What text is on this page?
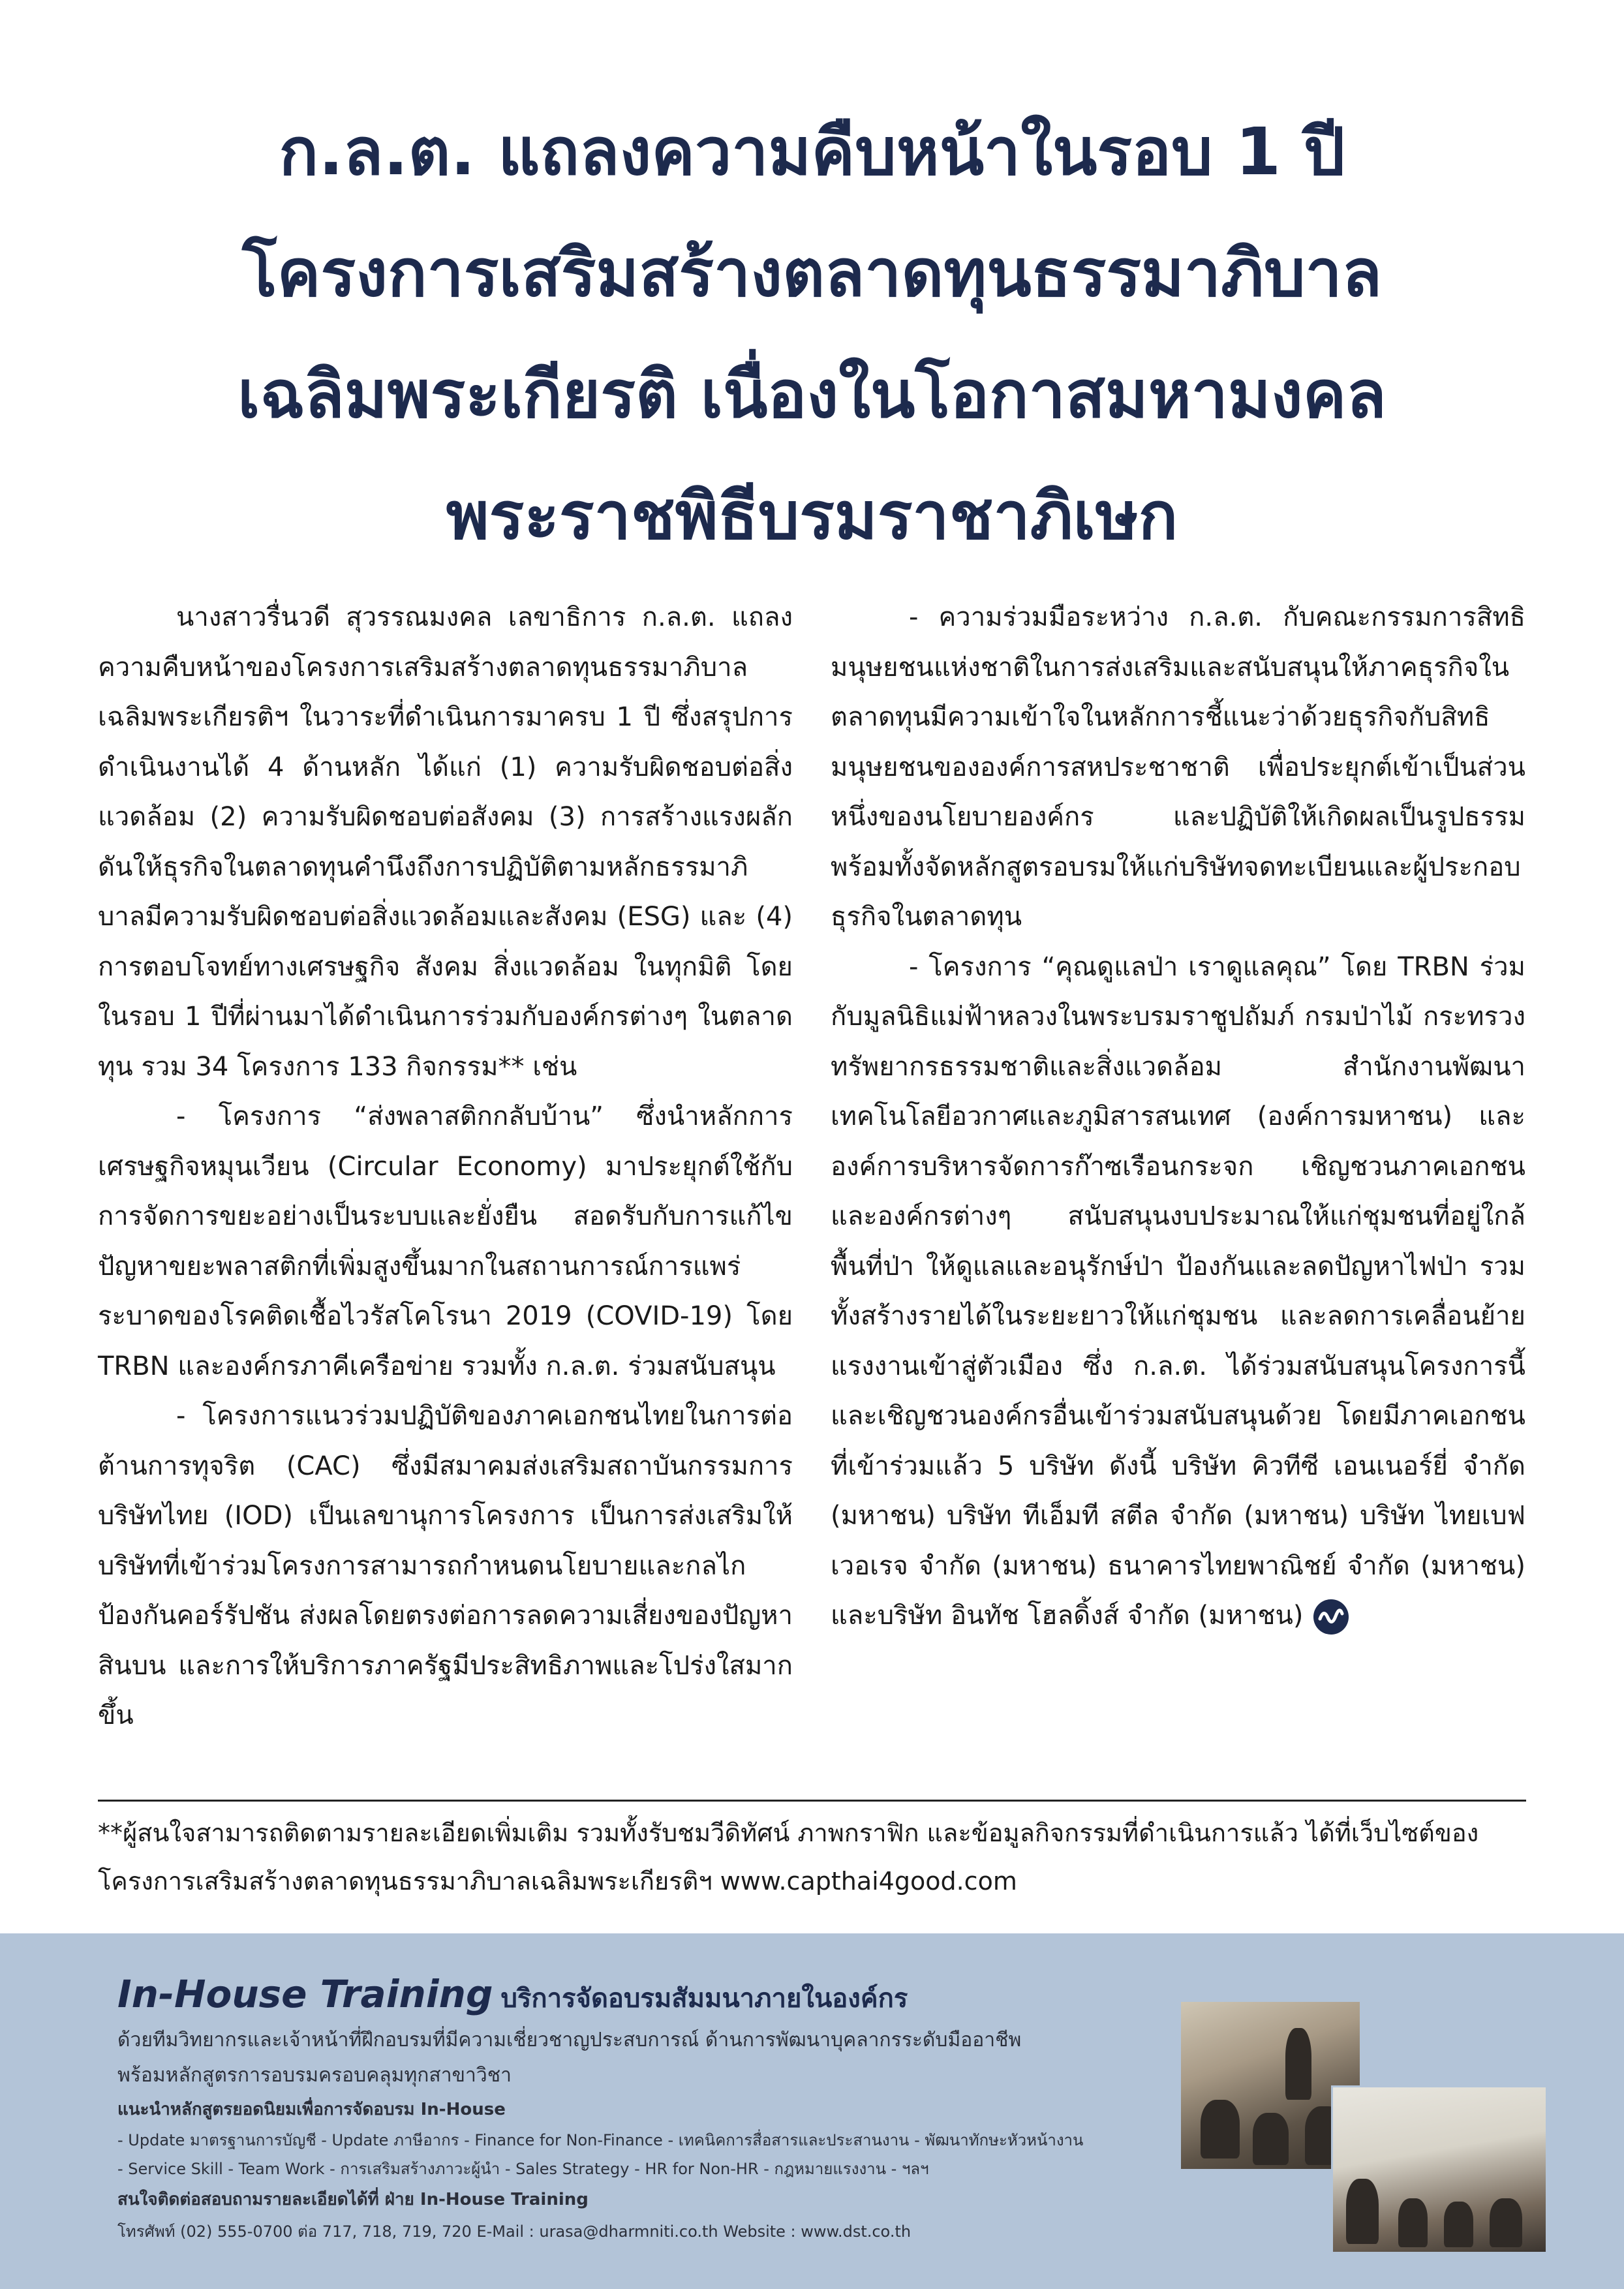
ก.ล.ต. แถลงความคืบหน้าในรอบ 1 ปี
โครงการเสริมสร้างตลาดทุนธรรมาภิบาล
เฉลิมพระเกียรติ เนื่องในโอกาสมหามงคล
พระราชพิธีบรมราชาภิเษก

นางสาวรื่นวดี สุวรรณมงคล เลขาธิการ ก.ล.ต. แถลงความคืบหน้าของโครงการเสริมสร้างตลาดทุนธรรมาภิบาลเฉลิมพระเกียรติฯ ในวาระที่ดำเนินการมาครบ 1 ปี ซึ่งสรุปการดำเนินงานได้ 4 ด้านหลัก ได้แก่ (1) ความรับผิดชอบต่อสิ่งแวดล้อม (2) ความรับผิดชอบต่อสังคม (3) การสร้างแรงผลักดันให้ธุรกิจในตลาดทุนคำนึงถึงการปฏิบัติตามหลักธรรมาภิบาลมีความรับผิดชอบต่อสิ่งแวดล้อมและสังคม (ESG) และ (4) การตอบโจทย์ทางเศรษฐกิจ สังคม สิ่งแวดล้อม ในทุกมิติ โดยในรอบ 1 ปีที่ผ่านมาได้ดำเนินการร่วมกับองค์กรต่างๆ ในตลาดทุน รวม 34 โครงการ 133 กิจกรรม** เช่น

- โครงการ “ส่งพลาสติกกลับบ้าน” ซึ่งนำหลักการเศรษฐกิจหมุนเวียน (Circular Economy) มาประยุกต์ใช้กับการจัดการขยะอย่างเป็นระบบและยั่งยืน สอดรับกับการแก้ไขปัญหาขยะพลาสติกที่เพิ่มสูงขึ้นมากในสถานการณ์การแพร่ระบาดของโรคติดเชื้อไวรัสโคโรนา 2019 (COVID-19) โดย TRBN และองค์กรภาคีเครือข่าย รวมทั้ง ก.ล.ต. ร่วมสนับสนุน

- โครงการแนวร่วมปฏิบัติของภาคเอกชนไทยในการต่อต้านการทุจริต (CAC) ซึ่งมีสมาคมส่งเสริมสถาบันกรรมการบริษัทไทย (IOD) เป็นเลขานุการโครงการ เป็นการส่งเสริมให้บริษัทที่เข้าร่วมโครงการสามารถกำหนดนโยบายและกลไกป้องกันคอร์รัปชัน ส่งผลโดยตรงต่อการลดความเสี่ยงของปัญหาสินบน และการให้บริการภาครัฐมีประสิทธิภาพและโปร่งใสมากขึ้น

- ความร่วมมือระหว่าง ก.ล.ต. กับคณะกรรมการสิทธิมนุษยชนแห่งชาติในการส่งเสริมและสนับสนุนให้ภาคธุรกิจในตลาดทุนมีความเข้าใจในหลักการชี้แนะว่าด้วยธุรกิจกับสิทธิมนุษยชนขององค์การสหประชาชาติ เพื่อประยุกต์เข้าเป็นส่วนหนึ่งของนโยบายองค์กร และปฏิบัติให้เกิดผลเป็นรูปธรรม พร้อมทั้งจัดหลักสูตรอบรมให้แก่บริษัทจดทะเบียนและผู้ประกอบธุรกิจในตลาดทุน

- โครงการ “คุณดูแลป่า เราดูแลคุณ” โดย TRBN ร่วมกับมูลนิธิแม่ฟ้าหลวงในพระบรมราชูปถัมภ์ กรมป่าไม้ กระทรวงทรัพยากรธรรมชาติและสิ่งแวดล้อม สำนักงานพัฒนาเทคโนโลยีอวกาศและภูมิสารสนเทศ (องค์การมหาชน) และองค์การบริหารจัดการก๊าซเรือนกระจก เชิญชวนภาคเอกชนและองค์กรต่างๆ สนับสนุนงบประมาณให้แก่ชุมชนที่อยู่ใกล้พื้นที่ป่า ให้ดูแลและอนุรักษ์ป่า ป้องกันและลดปัญหาไฟป่า รวมทั้งสร้างรายได้ในระยะยาวให้แก่ชุมชน และลดการเคลื่อนย้ายแรงงานเข้าสู่ตัวเมือง ซึ่ง ก.ล.ต. ได้ร่วมสนับสนุนโครงการนี้ และเชิญชวนองค์กรอื่นเข้าร่วมสนับสนุนด้วย โดยมีภาคเอกชนที่เข้าร่วมแล้ว 5 บริษัท ดังนี้ บริษัท คิวทีซี เอนเนอร์ยี่ จำกัด (มหาชน) บริษัท ทีเอ็มที สตีล จำกัด (มหาชน) บริษัท ไทยเบฟ เวอเรจ จำกัด (มหาชน) ธนาคารไทยพาณิชย์ จำกัด (มหาชน) และบริษัท อินทัช โฮลดิ้งส์ จำกัด (มหาชน)

**ผู้สนใจสามารถติดตามรายละเอียดเพิ่มเติม รวมทั้งรับชมวีดิทัศน์ ภาพกราฟิก และข้อมูลกิจกรรมที่ดำเนินการแล้ว ได้ที่เว็บไซต์ของ
โครงการเสริมสร้างตลาดทุนธรรมาภิบาลเฉลิมพระเกียรติฯ www.capthai4good.com
In-House Training บริการจัดอบรมสัมมนาภายในองค์กร
ด้วยทีมวิทยากรและเจ้าหน้าที่ฝึกอบรมที่มีความเชี่ยวชาญประสบการณ์ ด้านการพัฒนาบุคลากรระดับมืออาชีพ
พร้อมหลักสูตรการอบรมครอบคลุมทุกสาขาวิชา
แนะนำหลักสูตรยอดนิยมเพื่อการจัดอบรม In-House
- Update มาตรฐานการบัญชี - Update ภาษีอากร - Finance for Non-Finance - เทคนิคการสื่อสารและประสานงาน - พัฒนาทักษะหัวหน้างาน
- Service Skill - Team Work - การเสริมสร้างภาวะผู้นำ - Sales Strategy - HR for Non-HR - กฎหมายแรงงาน - ฯลฯ
สนใจติดต่อสอบถามรายละเอียดได้ที่ ฝ่าย In-House Training
โทรศัพท์ (02) 555-0700 ต่อ 717, 718, 719, 720 E-Mail : urasa@dharmniti.co.th Website : www.dst.co.th
